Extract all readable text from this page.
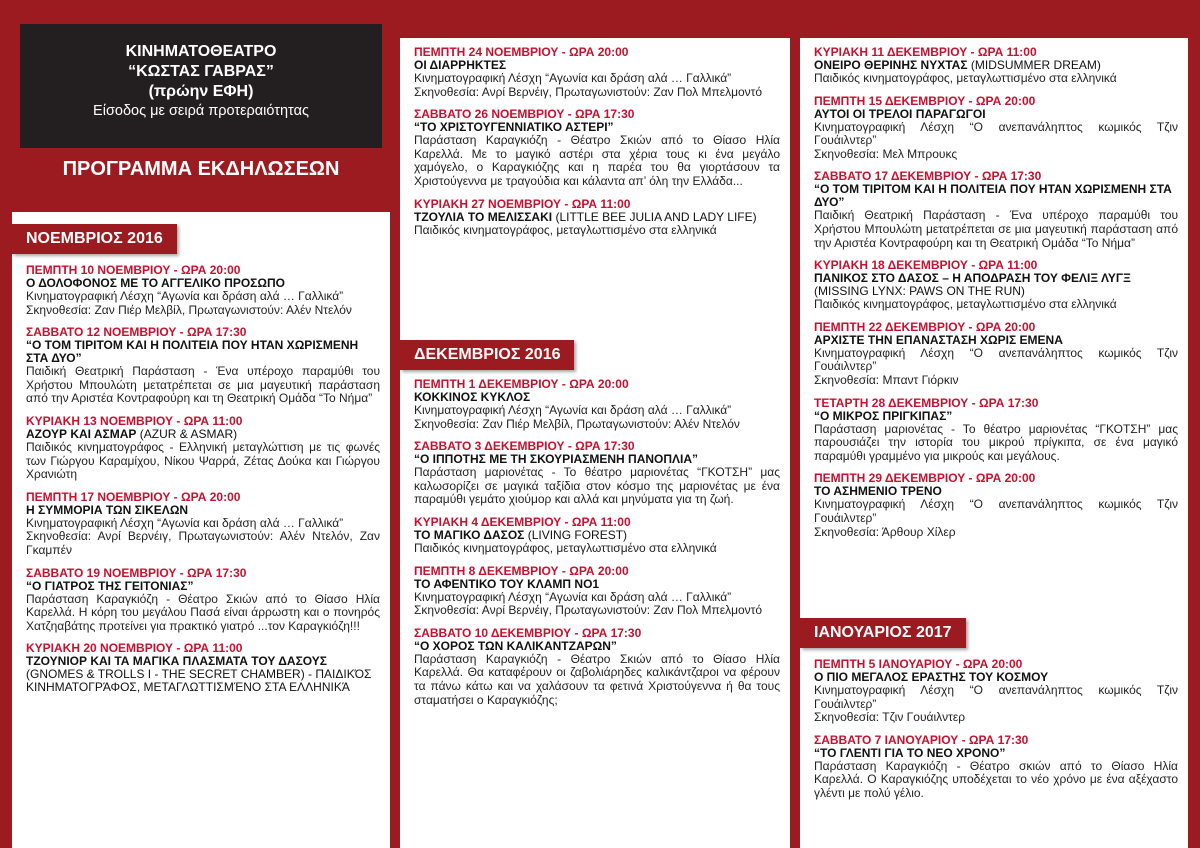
ΚΙΝΗΜΑΤΟΘΕΑΤΡΟ
“ΚΩΣΤΑΣ ΓΑΒΡΑΣ”
(πρώην ΕΦΗ)
Είσοδος με σειρά προτεραιότητας
ΠΡΟΓΡΑΜΜΑ ΕΚΔΗΛΩΣΕΩΝ
ΝΟΕΜΒΡΙΟΣ 2016
ΠΕΜΠΤΗ 10 ΝΟΕΜΒΡΙΟΥ - ΩΡΑ 20:00
Ο ΔΟΛΟΦΟΝΟΣ ΜΕ ΤΟ ΑΓΓΕΛΙΚΟ ΠΡΟΣΩΠΟ
Κινηματογραφική Λέσχη “Αγωνία και δράση αλά … Γαλλικά”
Σκηνοθεσία: Ζαν Πιέρ Μελβίλ, Πρωταγωνιστούν: Αλέν Ντελόν
ΣΑΒΒΑΤΟ 12 ΝΟΕΜΒΡΙΟΥ - ΩΡΑ 17:30
“Ο ΤΟΜ ΤΙΡΙΤΟΜ ΚΑΙ Η ΠΟΛΙΤΕΙΑ ΠΟΥ ΗΤΑΝ ΧΩΡΙΣΜΕΝΗ ΣΤΑ ΔΥΟ”
Παιδική Θεατρική Παράσταση - Ένα υπέροχο παραμύθι του Χρήστου Μπουλώτη μετατρέπεται σε μια μαγευτική παράσταση από την Αριστέα Κοντραφούρη και τη Θεατρική Ομάδα “Το Νήμα”
ΚΥΡΙΑΚΗ 13 ΝΟΕΜΒΡΙΟΥ - ΩΡΑ 11:00
ΑΖΟΥΡ ΚΑΙ ΑΣΜΑΡ (AZUR & ASMAR)
Παιδικός κινηματογράφος - Ελληνική μεταγλώττιση με τις φωνές των Γιώργου Καραμίχου, Νίκου Ψαρρά, Ζέτας Δούκα και Γιώργου Χρανιώτη
ΠΕΜΠΤΗ 17 ΝΟΕΜΒΡΙΟΥ - ΩΡΑ 20:00
Η ΣΥΜΜΟΡΙΑ ΤΩΝ ΣΙΚΕΛΩΝ
Κινηματογραφική Λέσχη “Αγωνία και δράση αλά … Γαλλικά”
Σκηνοθεσία: Ανρί Βερνέιγ, Πρωταγωνιστούν: Αλέν Ντελόν, Ζαν Γκαμπέν
ΣΑΒΒΑΤΟ 19 ΝΟΕΜΒΡΙΟΥ - ΩΡΑ 17:30
“Ο ΓΙΑΤΡΟΣ ΤΗΣ ΓΕΙΤΟΝΙΑΣ”
Παράσταση Καραγκιόζη - Θέατρο Σκιών από το Θίασο Ηλία Καρελλά. Η κόρη του μεγάλου Πασά είναι άρρωστη και ο πονηρός Χατζηαβάτης προτείνει για πρακτικό γιατρό ...τον Καραγκιόζη!!!
ΚΥΡΙΑΚΗ 20 ΝΟΕΜΒΡΙΟΥ - ΩΡΑ 11:00
ΤΖΟΥΝΙΟΡ ΚΑΙ ΤΑ ΜΑΓΙΚΑ ΠΛΑΣΜΑΤΑ ΤΟΥ ΔΑΣΟΥΣ (GNOMES & TROLLS I - THE SECRET CHAMBER) - ΠΑΙΔΙΚΌΣ ΚΙΝΗΜΑΤΟΓΡΆΦΟΣ, ΜΕΤΑΓΛΩΤΤΙΣΜΈΝΟ ΣΤΑ ΕΛΛΗΝΙΚΆ
ΠΕΜΠΤΗ 24 ΝΟΕΜΒΡΙΟΥ - ΩΡΑ 20:00
ΟΙ ΔΙΑΡΡΗΚΤΕΣ
Κινηματογραφική Λέσχη “Αγωνία και δράση αλά … Γαλλικά”
Σκηνοθεσία: Ανρί Βερνέιγ, Πρωταγωνιστούν: Ζαν Πολ Μπελμοντό
ΣΑΒΒΑΤΟ 26 ΝΟΕΜΒΡΙΟΥ - ΩΡΑ 17:30
“ΤΟ ΧΡΙΣΤΟΥΓΕΝΝΙΑΤΙΚΟ ΑΣΤΕΡΙ”
Παράσταση Καραγκιόζη - Θέατρο Σκιών από το Θίασο Ηλία Καρελλά. Με το μαγικό αστέρι στα χέρια τους κι ένα μεγάλο χαμόγελο, ο Καραγκιόζης και η παρέα του θα γιορτάσουν τα Χριστούγεννα με τραγούδια και κάλαντα απ’ όλη την Ελλάδα...
ΚΥΡΙΑΚΗ 27 ΝΟΕΜΒΡΙΟΥ - ΩΡΑ 11:00
ΤΖΟΥΛΙΑ ΤΟ ΜΕΛΙΣΣΑΚΙ (LITTLE BEE JULIA AND LADY LIFE)
Παιδικός κινηματογράφος, μεταγλωττισμένο στα ελληνικά
ΔΕΚΕΜΒΡΙΟΣ 2016
ΠΕΜΠΤΗ 1 ΔΕΚΕΜΒΡΙΟΥ - ΩΡΑ 20:00
ΚΟΚΚΙΝΟΣ ΚΥΚΛΟΣ
Κινηματογραφική Λέσχη “Αγωνία και δράση αλά … Γαλλικά”
Σκηνοθεσία: Ζαν Πιέρ Μελβίλ, Πρωταγωνιστούν: Αλέν Ντελόν
ΣΑΒΒΑΤΟ 3 ΔΕΚΕΜΒΡΙΟΥ - ΩΡΑ 17:30
“Ο ΙΠΠΟΤΗΣ ΜΕ ΤΗ ΣΚΟΥΡΙΑΣΜΕΝΗ ΠΑΝΟΠΛΙΑ”
Παράσταση μαριονέτας - Το θέατρο μαριονέτας “ΓΚΟΤΣΗ” μας καλωσορίζει σε μαγικά ταξίδια στον κόσμο της μαριονέτας με ένα παραμύθι γεμάτο χιούμορ και αλλά και μηνύματα για τη ζωή.
ΚΥΡΙΑΚΗ 4 ΔΕΚΕΜΒΡΙΟΥ - ΩΡΑ 11:00
ΤΟ ΜΑΓΙΚΟ ΔΑΣΟΣ (LIVING FOREST)
Παιδικός κινηματογράφος, μεταγλωττισμένο στα ελληνικά
ΠΕΜΠΤΗ 8 ΔΕΚΕΜΒΡΙΟΥ - ΩΡΑ 20:00
ΤΟ ΑΦΕΝΤΙΚΟ ΤΟΥ ΚΛΑΜΠ ΝΟ1
Κινηματογραφική Λέσχη “Αγωνία και δράση αλά … Γαλλικά”
Σκηνοθεσία: Ανρί Βερνέιγ, Πρωταγωνιστούν: Ζαν Πολ Μπελμοντό
ΣΑΒΒΑΤΟ 10 ΔΕΚΕΜΒΡΙΟΥ - ΩΡΑ 17:30
“Ο ΧΟΡΟΣ ΤΩΝ ΚΑΛΙΚΑΝΤΖΑΡΩΝ”
Παράσταση Καραγκιόζη - Θέατρο Σκιών από το Θίασο Ηλία Καρελλά. Θα καταφέρουν οι ζαβολιάρηδες καλικάντζαροι να φέρουν τα πάνω κάτω και να χαλάσουν τα φετινά Χριστούγεννα ή θα τους σταματήσει ο Καραγκιόζης;
ΚΥΡΙΑΚΗ 11 ΔΕΚΕΜΒΡΙΟΥ - ΩΡΑ 11:00
ΟΝΕΙΡΟ ΘΕΡΙΝΗΣ ΝΥΧΤΑΣ (MIDSUMMER DREAM)
Παιδικός κινηματογράφος, μεταγλωττισμένο στα ελληνικά
ΠΕΜΠΤΗ 15 ΔΕΚΕΜΒΡΙΟΥ - ΩΡΑ 20:00
ΑΥΤΟΙ ΟΙ ΤΡΕΛΟΙ ΠΑΡΑΓΩΓΟΙ
Κινηματογραφική Λέσχη “Ο ανεπανάληπτος κωμικός Τζιν Γουάιλντερ”
Σκηνοθεσία: Μελ Μπρουκς
ΣΑΒΒΑΤΟ 17 ΔΕΚΕΜΒΡΙΟΥ - ΩΡΑ 17:30
“Ο ΤΟΜ ΤΙΡΙΤΟΜ ΚΑΙ Η ΠΟΛΙΤΕΙΑ ΠΟΥ ΗΤΑΝ ΧΩΡΙΣΜΕΝΗ ΣΤΑ ΔΥΟ”
Παιδική Θεατρική Παράσταση - Ένα υπέροχο παραμύθι του Χρήστου Μπουλώτη μετατρέπεται σε μια μαγευτική παράσταση από την Αριστέα Κοντραφούρη και τη Θεατρική Ομάδα “Το Νήμα”
ΚΥΡΙΑΚΗ 18 ΔΕΚΕΜΒΡΙΟΥ - ΩΡΑ 11:00
ΠΑΝΙΚΟΣ ΣΤΟ ΔΑΣΟΣ – Η ΑΠΟΔΡΑΣΗ ΤΟΥ ΦΕΛΙΞ ΛΥΓΞ (MISSING LYNX: PAWS ON THE RUN)
Παιδικός κινηματογράφος, μεταγλωττισμένο στα ελληνικά
ΠΕΜΠΤΗ 22 ΔΕΚΕΜΒΡΙΟΥ - ΩΡΑ 20:00
ΑΡΧΙΣΤΕ ΤΗΝ ΕΠΑΝΑΣΤΑΣΗ ΧΩΡΙΣ ΕΜΕΝΑ
Κινηματογραφική Λέσχη “Ο ανεπανάληπτος κωμικός Τζιν Γουάιλντερ”
Σκηνοθεσία: Μπαντ Γιόρκιν
ΤΕΤΑΡΤΗ 28 ΔΕΚΕΜΒΡΙΟΥ - ΩΡΑ 17:30
“Ο ΜΙΚΡΟΣ ΠΡΙΓΚΙΠΑΣ”
Παράσταση μαριονέτας - Το θέατρο μαριονέτας “ΓΚΟΤΣΗ” μας παρουσιάζει την ιστορία του μικρού πρίγκιπα, σε ένα μαγικό παραμύθι γραμμένο για μικρούς και μεγάλους.
ΠΕΜΠΤΗ 29 ΔΕΚΕΜΒΡΙΟΥ - ΩΡΑ 20:00
ΤΟ ΑΣΗΜΕΝΙΟ ΤΡΕΝΟ
Κινηματογραφική Λέσχη “Ο ανεπανάληπτος κωμικός Τζιν Γουάιλντερ”
Σκηνοθεσία: Άρθουρ Χίλερ
ΙΑΝΟΥΑΡΙΟΣ 2017
ΠΕΜΠΤΗ 5 ΙΑΝΟΥΑΡΙΟΥ - ΩΡΑ 20:00
Ο ΠΙΟ ΜΕΓΑΛΟΣ ΕΡΑΣΤΗΣ ΤΟΥ ΚΟΣΜΟΥ
Κινηματογραφική Λέσχη “Ο ανεπανάληπτος κωμικός Τζιν Γουάιλντερ”
Σκηνοθεσία: Τζιν Γουάιλντερ
ΣΑΒΒΑΤΟ 7 ΙΑΝΟΥΑΡΙΟΥ - ΩΡΑ 17:30
“ΤΟ ΓΛΕΝΤΙ ΓΙΑ ΤΟ ΝΕΟ ΧΡΟΝΟ”
Παράσταση Καραγκιόζη - Θέατρο σκιών από το Θίασο Ηλία Καρελλά. Ο Καραγκιόζης υποδέχεται το νέο χρόνο με ένα αξέχαστο γλέντι με πολύ γέλιο.
